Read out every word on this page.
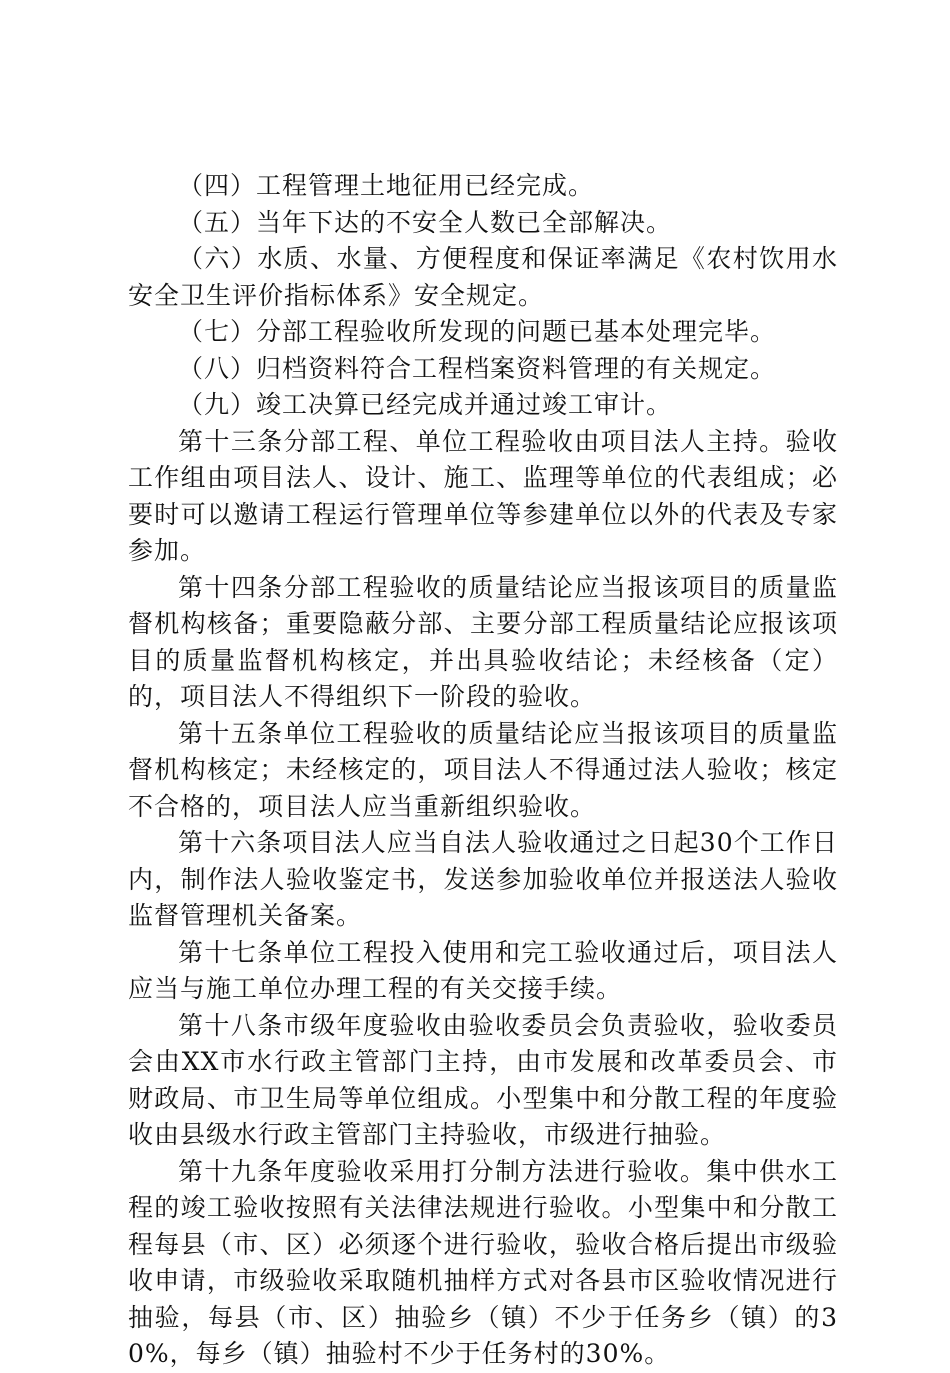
（四）工程管理土地征用已经完成。

（五）当年下达的不安全人数已全部解决。

（六）水质、水量、方便程度和保证率满足《农村饮用水安全卫生评价指标体系》安全规定。

（七）分部工程验收所发现的问题已基本处理完毕。

（八）归档资料符合工程档案资料管理的有关规定。

（九）竣工决算已经完成并通过竣工审计。

第十三条分部工程、单位工程验收由项目法人主持。验收工作组由项目法人、设计、施工、监理等单位的代表组成；必要时可以邀请工程运行管理单位等参建单位以外的代表及专家参加。

第十四条分部工程验收的质量结论应当报该项目的质量监督机构核备；重要隐蔽分部、主要分部工程质量结论应报该项目的质量监督机构核定，并出具验收结论；未经核备（定）的，项目法人不得组织下一阶段的验收。

第十五条单位工程验收的质量结论应当报该项目的质量监督机构核定；未经核定的，项目法人不得通过法人验收；核定不合格的，项目法人应当重新组织验收。

第十六条项目法人应当自法人验收通过之日起30个工作日内，制作法人验收鉴定书，发送参加验收单位并报送法人验收监督管理机关备案。

第十七条单位工程投入使用和完工验收通过后，项目法人应当与施工单位办理工程的有关交接手续。

第十八条市级年度验收由验收委员会负责验收，验收委员会由XX市水行政主管部门主持，由市发展和改革委员会、市财政局、市卫生局等单位组成。小型集中和分散工程的年度验收由县级水行政主管部门主持验收，市级进行抽验。

第十九条年度验收采用打分制方法进行验收。集中供水工程的竣工验收按照有关法律法规进行验收。小型集中和分散工程每县（市、区）必须逐个进行验收，验收合格后提出市级验收申请，市级验收采取随机抽样方式对各县市区验收情况进行抽验，每县（市、区）抽验乡（镇）不少于任务乡（镇）的30%，每乡（镇）抽验村不少于任务村的30%。
